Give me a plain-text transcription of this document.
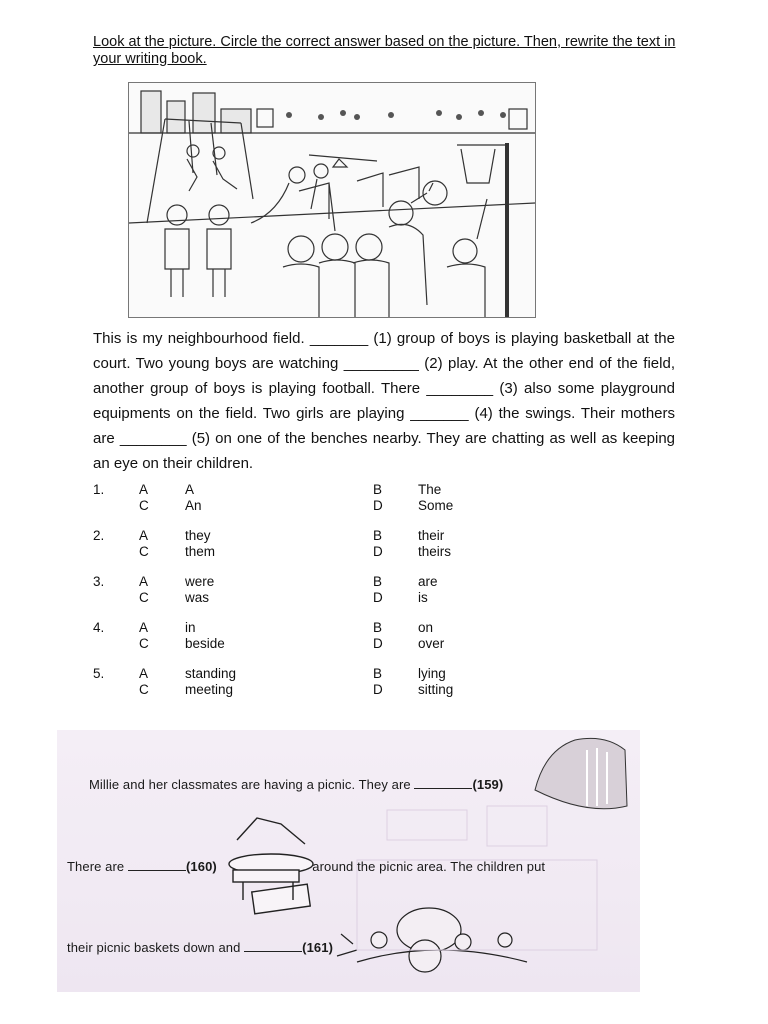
Look at the picture. Circle the correct answer based on the picture. Then, rewrite the text in your writing book.
This is my neighbourhood field. _______ (1) group of boys is playing basketball at the court. Two young boys are watching _________ (2) play. At the other end of the field, another group of boys is playing football. There ________ (3) also some playground equipments on the field. Two girls are playing _______ (4) the swings. Their mothers are ________ (5) on one of the benches nearby. They are chatting as well as keeping an eye on their children.
1.	A	A	B	The
C	An	D	Some
2.	A	they	B	their
C	them	D	theirs
3.	A	were	B	are
C	was	D	is
4.	A	in	B	on
C	beside	D	over
5.	A	standing	B	lying
C	meeting	D	sitting
Millie and her classmates are having a picnic. They are	(159)
There are	(160)	around the picnic area. The children put
their picnic baskets down and	(161)
